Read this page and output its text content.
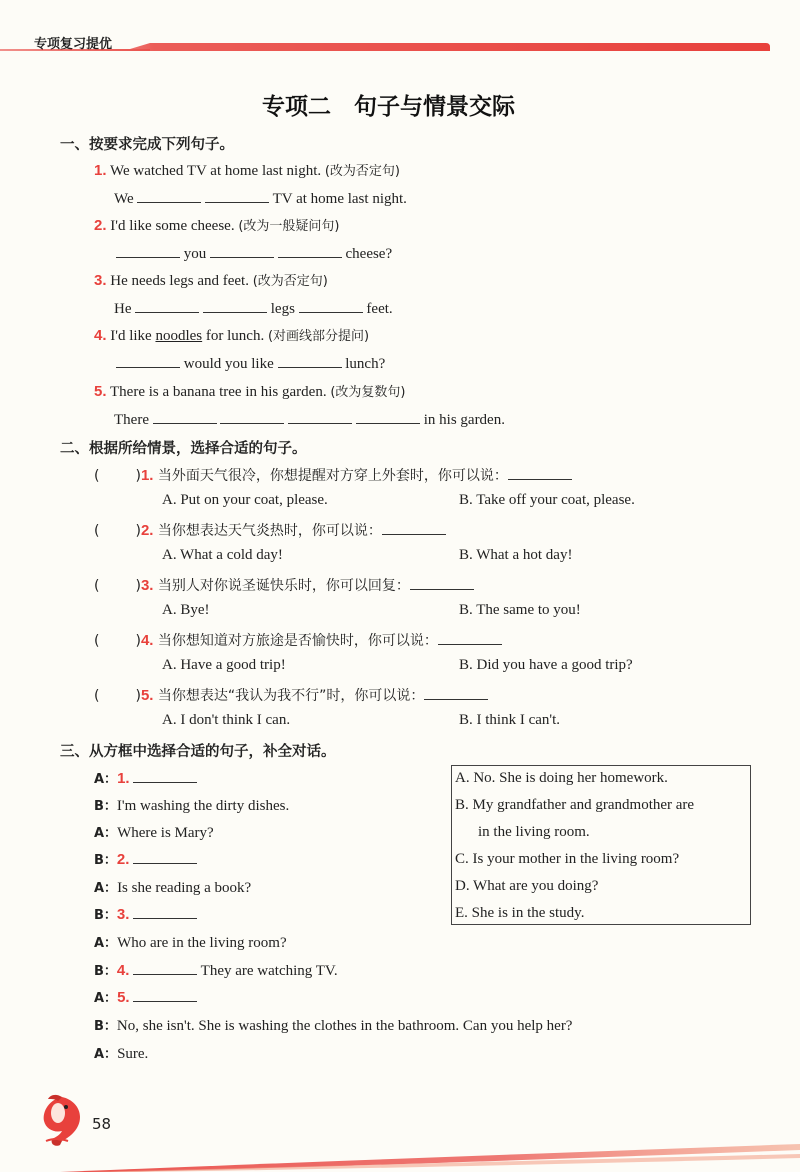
专项复习提优
专项二　句子与情景交际
一、按要求完成下列句子。
1. We watched TV at home last night. (改为否定句)
We	TV at home last night.
2. I'd like some cheese. (改为一般疑问句)
you	cheese?
3. He needs legs and feet. (改为否定句)
He	legs	feet.
4. I'd like noodles for lunch. (对画线部分提问)
would you like	lunch?
5. There is a banana tree in his garden. (改为复数句)
There	in his garden.
二、根据所给情景，选择合适的句子。
(	)1. 当外面天气很冷，你想提醒对方穿上外套时，你可以说：
A. Put on your coat, please.	B. Take off your coat, please.
(	)2. 当你想表达天气炎热时，你可以说：
A. What a cold day!	B. What a hot day!
(	)3. 当别人对你说圣诞快乐时，你可以回复：
A. Bye!	B. The same to you!
(	)4. 当你想知道对方旅途是否愉快时，你可以说：
A. Have a good trip!	B. Did you have a good trip?
(	)5. 当你想表达“我认为我不行”时，你可以说：
A. I don't think I can.	B. I think I can't.
三、从方框中选择合适的句子，补全对话。
A：1.
B：I'm washing the dirty dishes.
A：Where is Mary?
B：2.
A：Is she reading a book?
B：3.
A：Who are in the living room?
B：4.	They are watching TV.
A：5.
B：No, she isn't. She is washing the clothes in the bathroom. Can you help her?
A：Sure.
A. No. She is doing her homework.
B. My grandfather and grandmother are
in the living room.
C. Is your mother in the living room?
D. What are you doing?
E. She is in the study.
58
